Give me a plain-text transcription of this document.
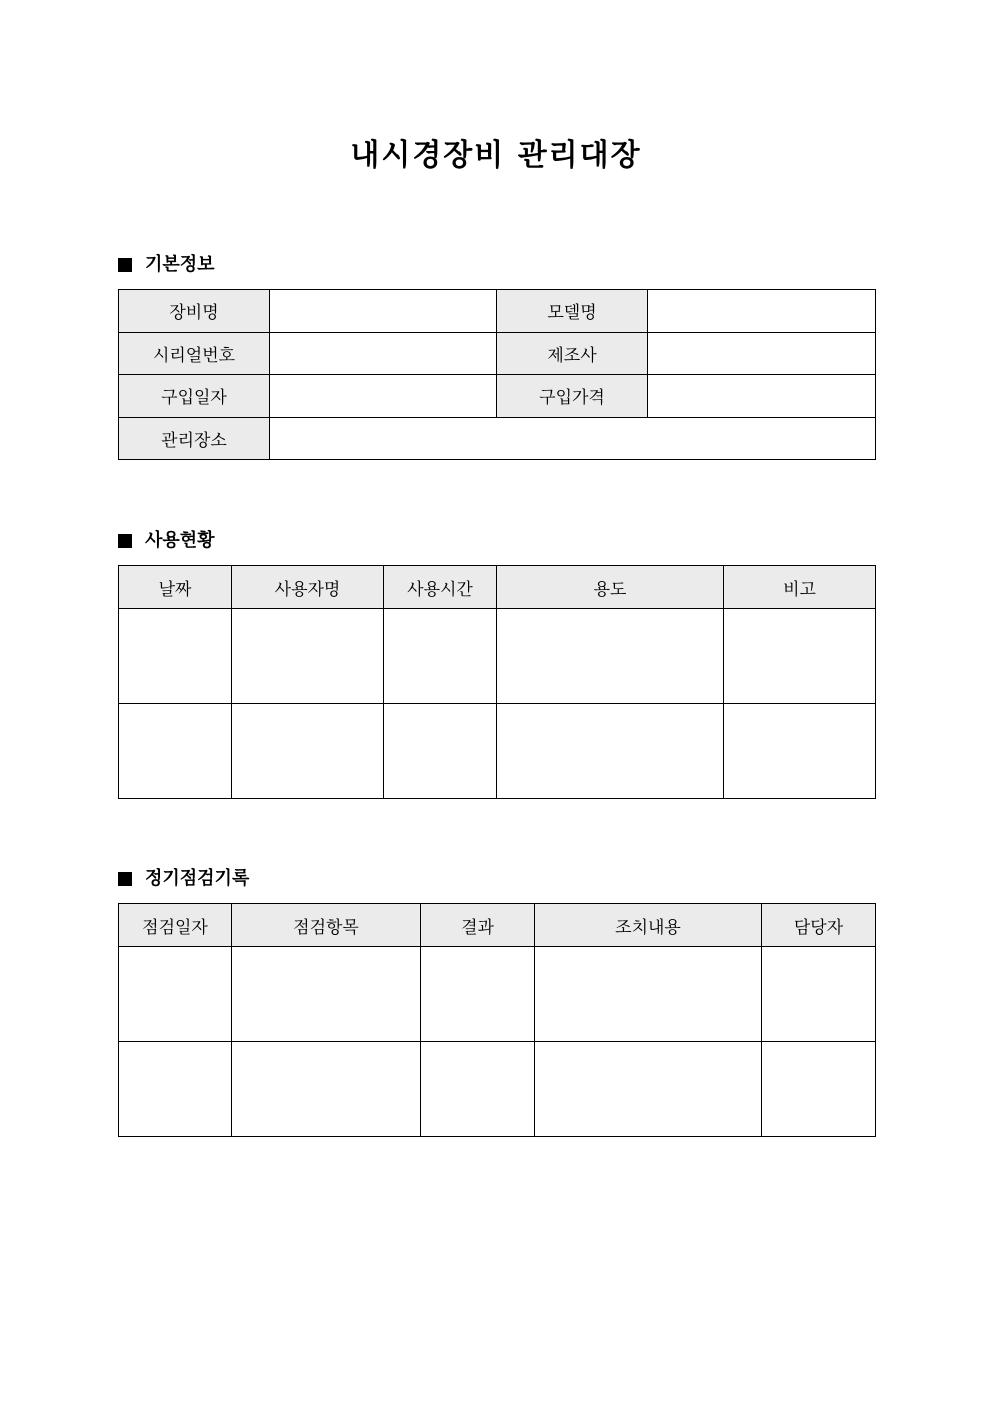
내시경장비 관리대장
기본정보
장비명		모델명	
시리얼번호		제조사	
구입일자		구입가격	
관리장소			
사용현황
날짜	사용자명	사용시간	용도	비고

정기점검기록
점검일자	점검항목	결과	조치내용	담당자
